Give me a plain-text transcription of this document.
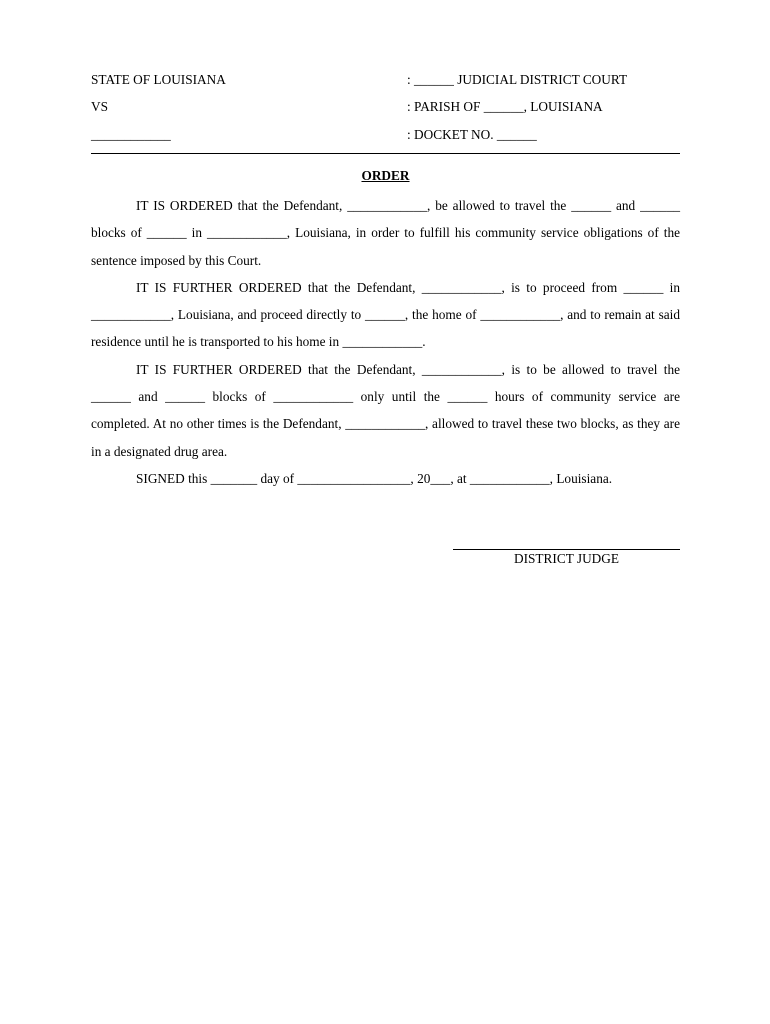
STATE OF LOUISIANA	: ______ JUDICIAL DISTRICT COURT
VS	: PARISH OF ______, LOUISIANA
____________	: DOCKET NO. ______
ORDER

IT IS ORDERED that the Defendant, ____________, be allowed to travel the ______ and ______ blocks of ______ in ____________, Louisiana, in order to fulfill his community service obligations of the sentence imposed by this Court.

IT IS FURTHER ORDERED that the Defendant, ____________, is to proceed from ______ in ____________, Louisiana, and proceed directly to ______, the home of ____________, and to remain at said residence until he is transported to his home in ____________.

IT IS FURTHER ORDERED that the Defendant, ____________, is to be allowed to travel the ______ and ______ blocks of ____________ only until the ______ hours of community service are completed. At no other times is the Defendant, ____________, allowed to travel these two blocks, as they are in a designated drug area.

SIGNED this _______ day of _________________, 20___, at ____________, Louisiana.

DISTRICT JUDGE
